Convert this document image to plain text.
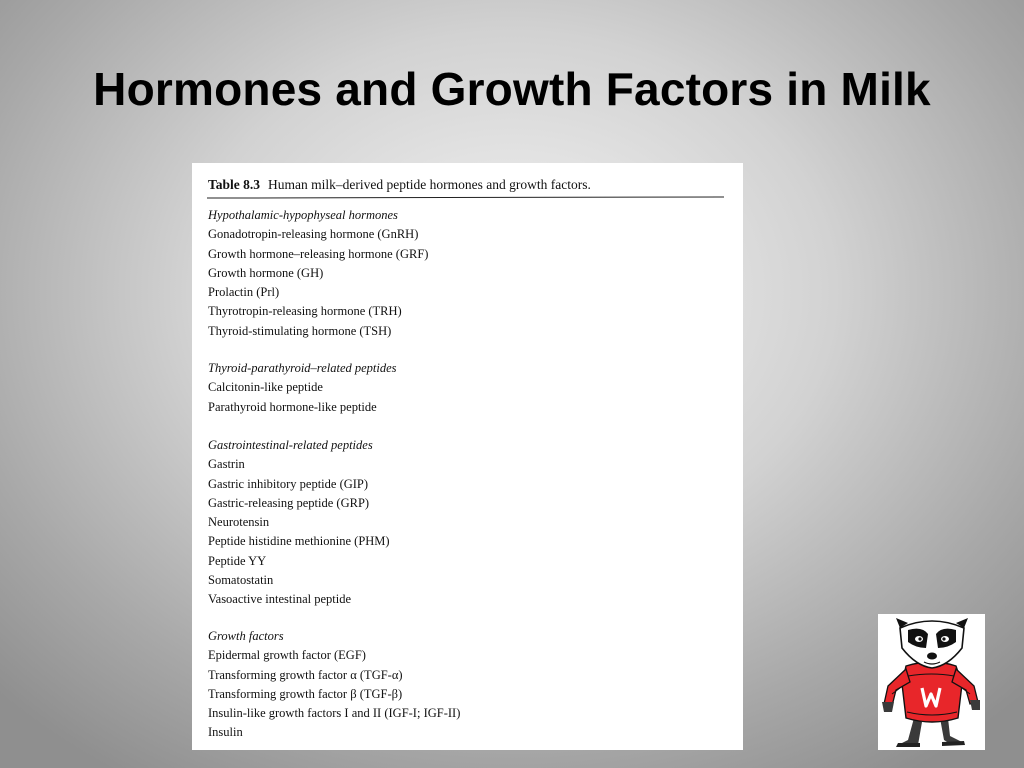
Hormones and Growth Factors in Milk
Table 8.3 Human milk–derived peptide hormones and growth factors.
Hypothalamic-hypophyseal hormones
Gonadotropin-releasing hormone (GnRH)
Growth hormone–releasing hormone (GRF)
Growth hormone (GH)
Prolactin (Prl)
Thyrotropin-releasing hormone (TRH)
Thyroid-stimulating hormone (TSH)
Thyroid-parathyroid–related peptides
Calcitonin-like peptide
Parathyroid hormone-like peptide
Gastrointestinal-related peptides
Gastrin
Gastric inhibitory peptide (GIP)
Gastric-releasing peptide (GRP)
Neurotensin
Peptide histidine methionine (PHM)
Peptide YY
Somatostatin
Vasoactive intestinal peptide
Growth factors
Epidermal growth factor (EGF)
Transforming growth factor α (TGF-α)
Transforming growth factor β (TGF-β)
Insulin-like growth factors I and II (IGF-I; IGF-II)
Insulin
